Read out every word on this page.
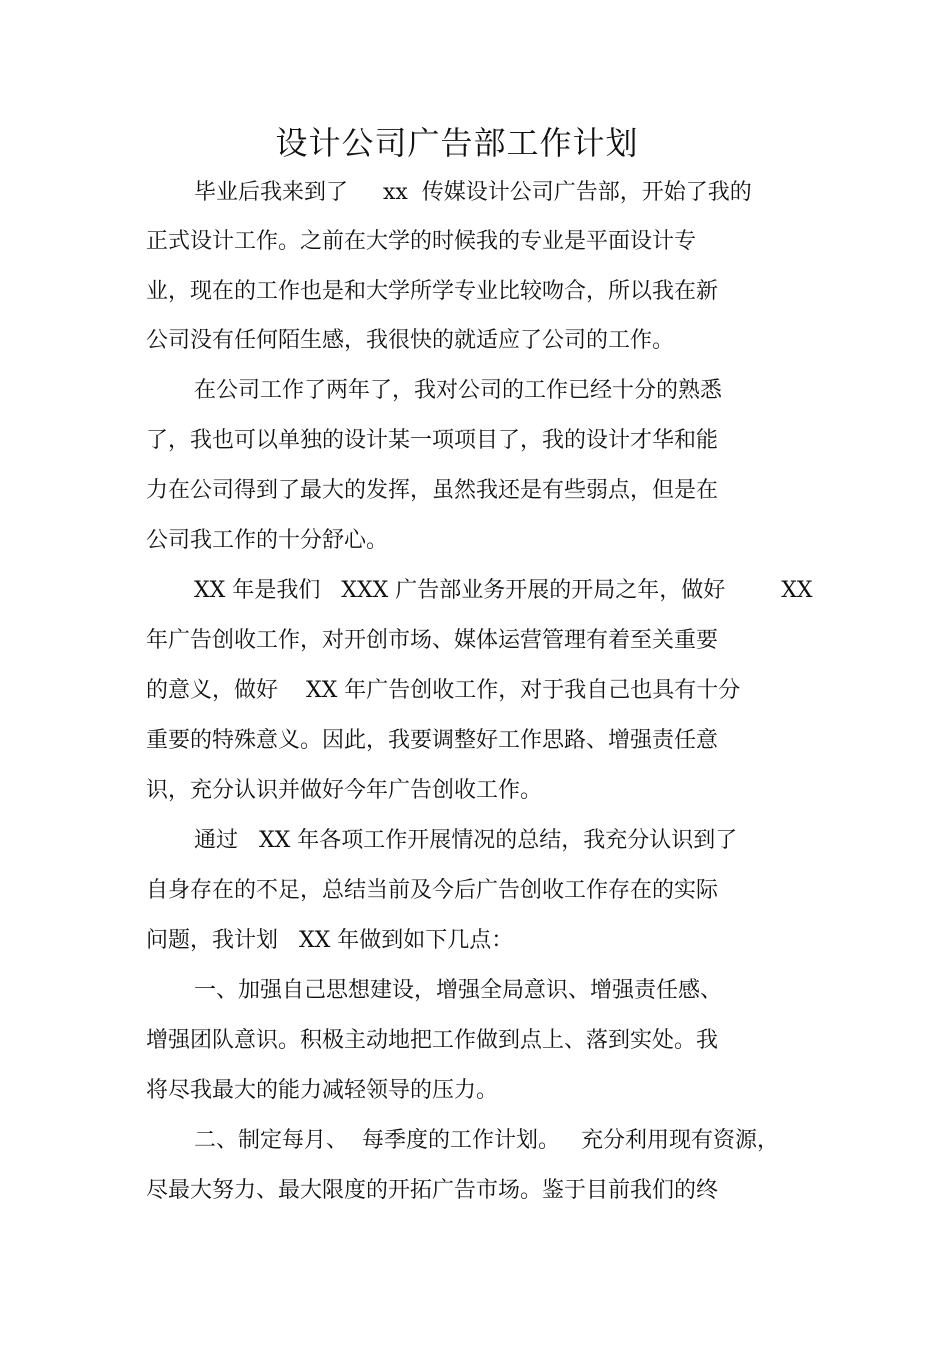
设计公司广告部工作计划

毕业后我来到了     xx  传媒设计公司广告部，开始了我的

正式设计工作。之前在大学的时候我的专业是平面设计专

业，现在的工作也是和大学所学专业比较吻合，所以我在新

公司没有任何陌生感，我很快的就适应了公司的工作。

在公司工作了两年了，我对公司的工作已经十分的熟悉

了，我也可以单独的设计某一项项目了，我的设计才华和能

力在公司得到了最大的发挥，虽然我还是有些弱点，但是在

公司我工作的十分舒心。

XX 年是我们   XXX 广告部业务开展的开局之年，做好        XX

年广告创收工作，对开创市场、媒体运营管理有着至关重要

的意义，做好    XX 年广告创收工作，对于我自己也具有十分

重要的特殊意义。因此，我要调整好工作思路、增强责任意

识，充分认识并做好今年广告创收工作。

通过   XX 年各项工作开展情况的总结，我充分认识到了

自身存在的不足，总结当前及今后广告创收工作存在的实际

问题，我计划   XX 年做到如下几点：

一、加强自己思想建设，增强全局意识、增强责任感、

增强团队意识。积极主动地把工作做到点上、落到实处。我

将尽我最大的能力减轻领导的压力。

二、制定每月、  每季度的工作计划。   充分利用现有资源，

尽最大努力、最大限度的开拓广告市场。鉴于目前我们的终
